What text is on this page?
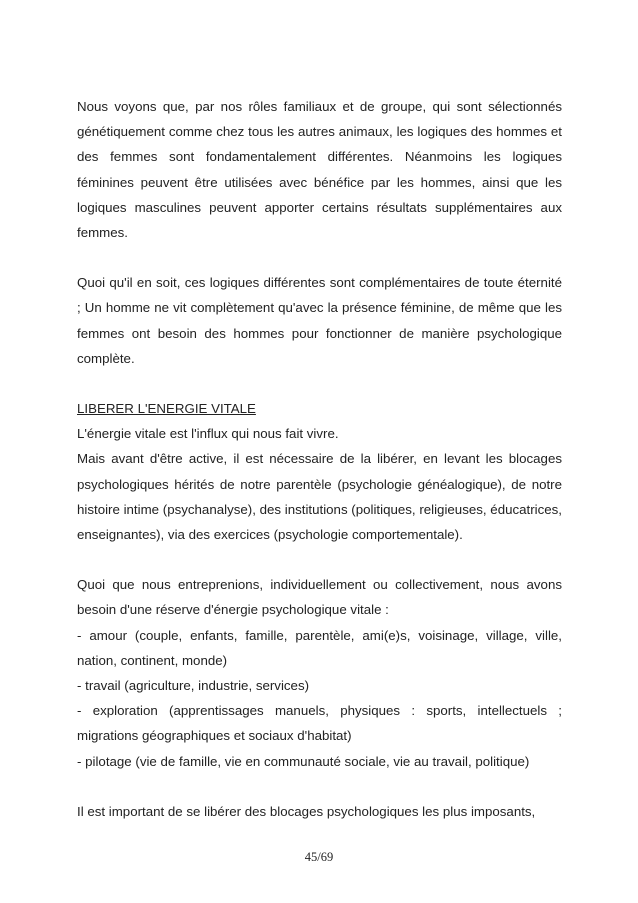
Nous voyons que, par nos rôles familiaux et de groupe, qui sont sélectionnés génétiquement comme chez tous les autres animaux, les logiques des hommes et des femmes sont fondamentalement différentes. Néanmoins les logiques féminines peuvent être utilisées avec bénéfice par les hommes, ainsi que les logiques masculines peuvent apporter certains résultats supplémentaires aux femmes.

Quoi qu'il en soit, ces logiques différentes sont complémentaires de toute éternité ; Un homme ne vit complètement qu'avec la présence féminine, de même que les femmes ont besoin des hommes pour fonctionner de manière psychologique complète.

LIBERER L'ENERGIE VITALE

L'énergie vitale est l'influx qui nous fait vivre.

Mais avant d'être active, il est nécessaire de la libérer, en levant les blocages psychologiques hérités de notre parentèle (psychologie généalogique), de notre histoire intime (psychanalyse), des institutions (politiques, religieuses, éducatrices, enseignantes), via des exercices (psychologie comportementale).

Quoi que nous entreprenions, individuellement ou collectivement, nous avons besoin d'une réserve d'énergie psychologique vitale :

- amour (couple, enfants, famille, parentèle, ami(e)s, voisinage, village, ville, nation, continent, monde)

- travail (agriculture, industrie, services)

- exploration (apprentissages manuels, physiques : sports, intellectuels ; migrations géographiques et sociaux d'habitat)

- pilotage (vie de famille, vie en communauté sociale, vie au travail, politique)

Il est important de se libérer des blocages psychologiques les plus imposants,

45/69
